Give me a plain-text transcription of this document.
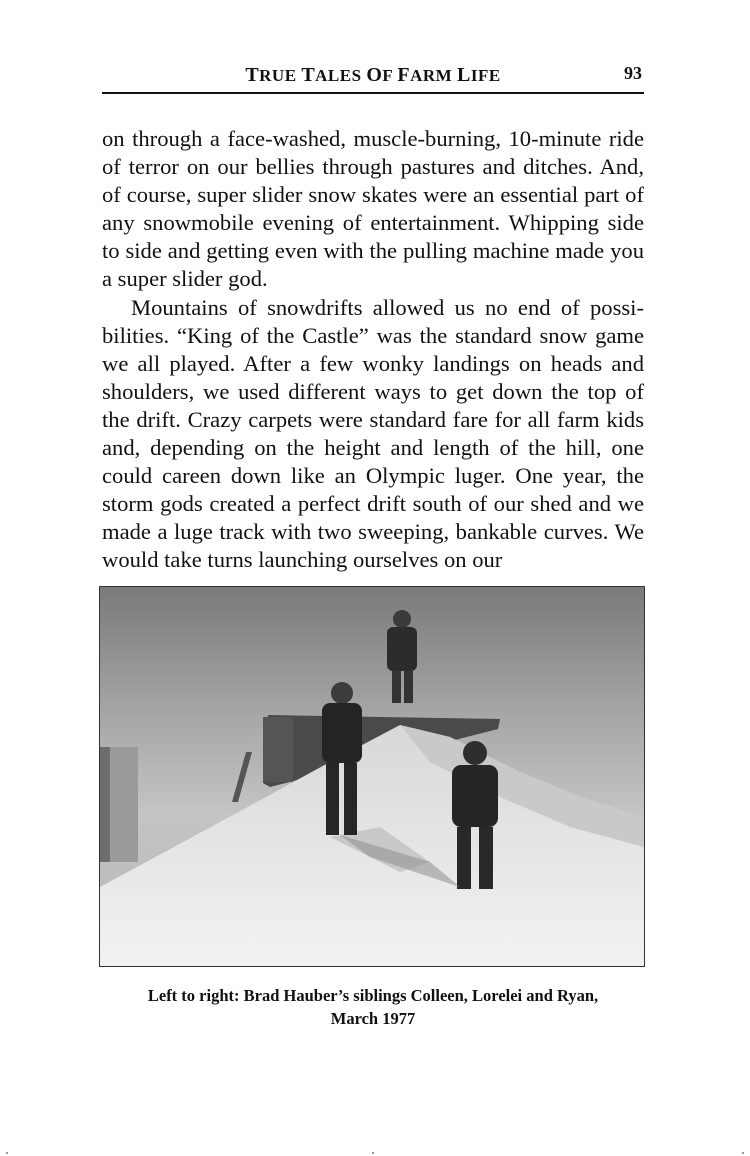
TRUE TALES OF FARM LIFE	93

on through a face-washed, muscle-burning, 10-minute ride of terror on our bellies through pastures and ditches. And, of course, super slider snow skates were an essential part of any snowmobile evening of entertainment. Whipping side to side and getting even with the pulling machine made you a super slider god.

Mountains of snowdrifts allowed us no end of possibilities. “King of the Castle” was the standard snow game we all played. After a few wonky landings on heads and shoulders, we used different ways to get down the top of the drift. Crazy carpets were standard fare for all farm kids and, depending on the height and length of the hill, one could careen down like an Olympic luger. One year, the storm gods created a perfect drift south of our shed and we made a luge track with two sweeping, bankable curves. We would take turns launching ourselves on our

Left to right: Brad Hauber’s siblings Colleen, Lorelei and Ryan,
March 1977
